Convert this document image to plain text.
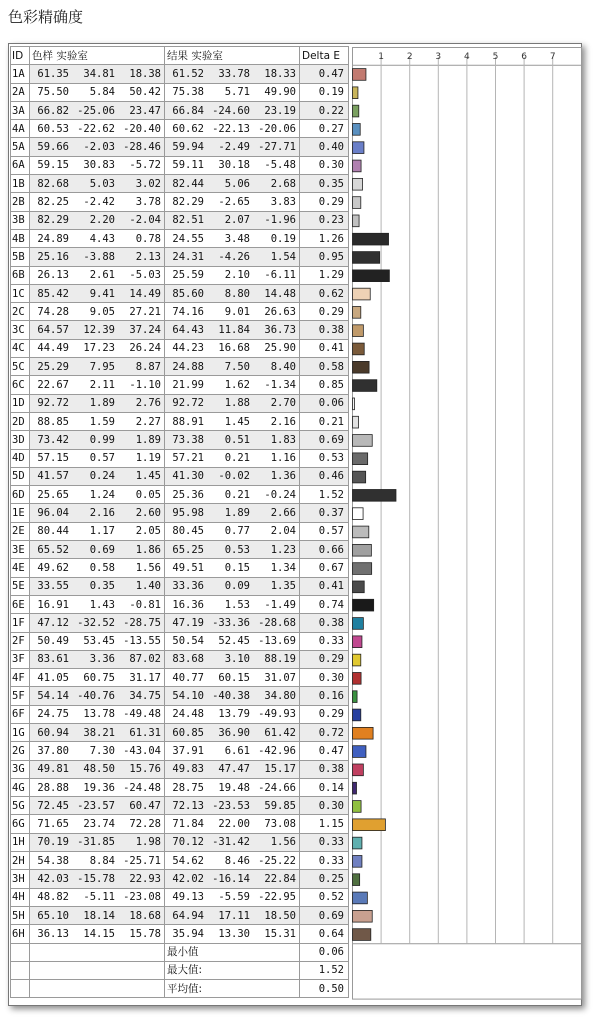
色彩精确度
ID	色样 实验室	结果 实验室	Delta E
1A	61.35 34.81 18.38	61.52 33.78 18.33	0.47
2A	75.50 5.84 50.42	75.38 5.71 49.90	0.19
3A	66.82 -25.06 23.47	66.84 -24.60 23.19	0.22
4A	60.53 -22.62 -20.40	60.62 -22.13 -20.06	0.27
5A	59.66 -2.03 -28.46	59.94 -2.49 -27.71	0.40
6A	59.15 30.83 -5.72	59.11 30.18 -5.48	0.30
1B	82.68 5.03 3.02	82.44 5.06 2.68	0.35
2B	82.25 -2.42 3.78	82.29 -2.65 3.83	0.29
3B	82.29 2.20 -2.04	82.51 2.07 -1.96	0.23
4B	24.89 4.43 0.78	24.55 3.48 0.19	1.26
5B	25.16 -3.88 2.13	24.31 -4.26 1.54	0.95
6B	26.13 2.61 -5.03	25.59 2.10 -6.11	1.29
1C	85.42 9.41 14.49	85.60 8.80 14.48	0.62
2C	74.28 9.05 27.21	74.16 9.01 26.63	0.29
3C	64.57 12.39 37.24	64.43 11.84 36.73	0.38
4C	44.49 17.23 26.24	44.23 16.68 25.90	0.41
5C	25.29 7.95 8.87	24.88 7.50 8.40	0.58
6C	22.67 2.11 -1.10	21.99 1.62 -1.34	0.85
1D	92.72 1.89 2.76	92.72 1.88 2.70	0.06
2D	88.85 1.59 2.27	88.91 1.45 2.16	0.21
3D	73.42 0.99 1.89	73.38 0.51 1.83	0.69
4D	57.15 0.57 1.19	57.21 0.21 1.16	0.53
5D	41.57 0.24 1.45	41.30 -0.02 1.36	0.46
6D	25.65 1.24 0.05	25.36 0.21 -0.24	1.52
1E	96.04 2.16 2.60	95.98 1.89 2.66	0.37
2E	80.44 1.17 2.05	80.45 0.77 2.04	0.57
3E	65.52 0.69 1.86	65.25 0.53 1.23	0.66
4E	49.62 0.58 1.56	49.51 0.15 1.34	0.67
5E	33.55 0.35 1.40	33.36 0.09 1.35	0.41
6E	16.91 1.43 -0.81	16.36 1.53 -1.49	0.74
1F	47.12 -32.52 -28.75	47.19 -33.36 -28.68	0.38
2F	50.49 53.45 -13.55	50.54 52.45 -13.69	0.33
3F	83.61 3.36 87.02	83.68 3.10 88.19	0.29
4F	41.05 60.75 31.17	40.77 60.15 31.07	0.30
5F	54.14 -40.76 34.75	54.10 -40.38 34.80	0.16
6F	24.75 13.78 -49.48	24.48 13.79 -49.93	0.29
1G	60.94 38.21 61.31	60.85 36.90 61.42	0.72
2G	37.80 7.30 -43.04	37.91 6.61 -42.96	0.47
3G	49.81 48.50 15.76	49.83 47.47 15.17	0.38
4G	28.88 19.36 -24.48	28.75 19.48 -24.66	0.14
5G	72.45 -23.57 60.47	72.13 -23.53 59.85	0.30
6G	71.65 23.74 72.28	71.84 22.00 73.08	1.15
1H	70.19 -31.85 1.98	70.12 -31.42 1.56	0.33
2H	54.38 8.84 -25.71	54.62 8.46 -25.22	0.33
3H	42.03 -15.78 22.93	42.02 -16.14 22.84	0.25
4H	48.82 -5.11 -23.08	49.13 -5.59 -22.95	0.52
5H	65.10 18.14 18.68	64.94 17.11 18.50	0.69
6H	36.13 14.15 15.78	35.94 13.30 15.31	0.64
		最小值	0.06
		最大值:	1.52
		平均值:	0.50
1	2	3	4	5	6	7
